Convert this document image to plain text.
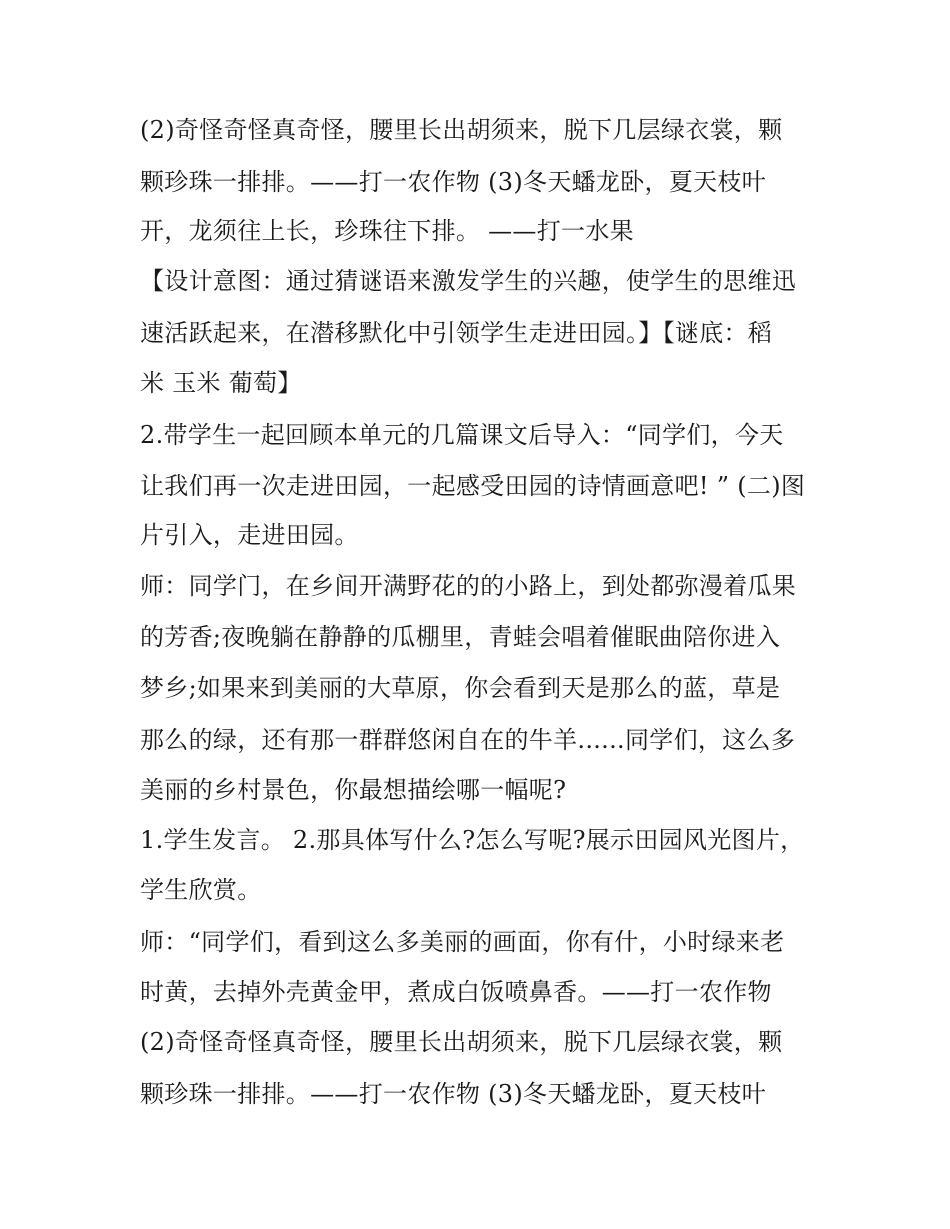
(2)奇怪奇怪真奇怪，腰里长出胡须来，脱下几层绿衣裳，颗
颗珍珠一排排。——打一农作物 (3)冬天蟠龙卧，夏天枝叶
开，龙须往上长，珍珠往下排。 ——打一水果
【设计意图：通过猜谜语来激发学生的兴趣，使学生的思维迅
速活跃起来，在潜移默化中引领学生走进田园。】【谜底：稻
米 玉米 葡萄】
2.带学生一起回顾本单元的几篇课文后导入：“同学们，今天
让我们再一次走进田园，一起感受田园的诗情画意吧! ” (二)图
片引入，走进田园。
师：同学门，在乡间开满野花的的小路上，到处都弥漫着瓜果
的芳香;夜晚躺在静静的瓜棚里，青蛙会唱着催眠曲陪你进入
梦乡;如果来到美丽的大草原，你会看到天是那么的蓝，草是
那么的绿，还有那一群群悠闲自在的牛羊......同学们，这么多
美丽的乡村景色，你最想描绘哪一幅呢?
1.学生发言。 2.那具体写什么?怎么写呢?展示田园风光图片，
学生欣赏。
师：“同学们，看到这么多美丽的画面，你有什，小时绿来老
时黄，去掉外壳黄金甲，煮成白饭喷鼻香。——打一农作物
(2)奇怪奇怪真奇怪，腰里长出胡须来，脱下几层绿衣裳，颗
颗珍珠一排排。——打一农作物 (3)冬天蟠龙卧，夏天枝叶
